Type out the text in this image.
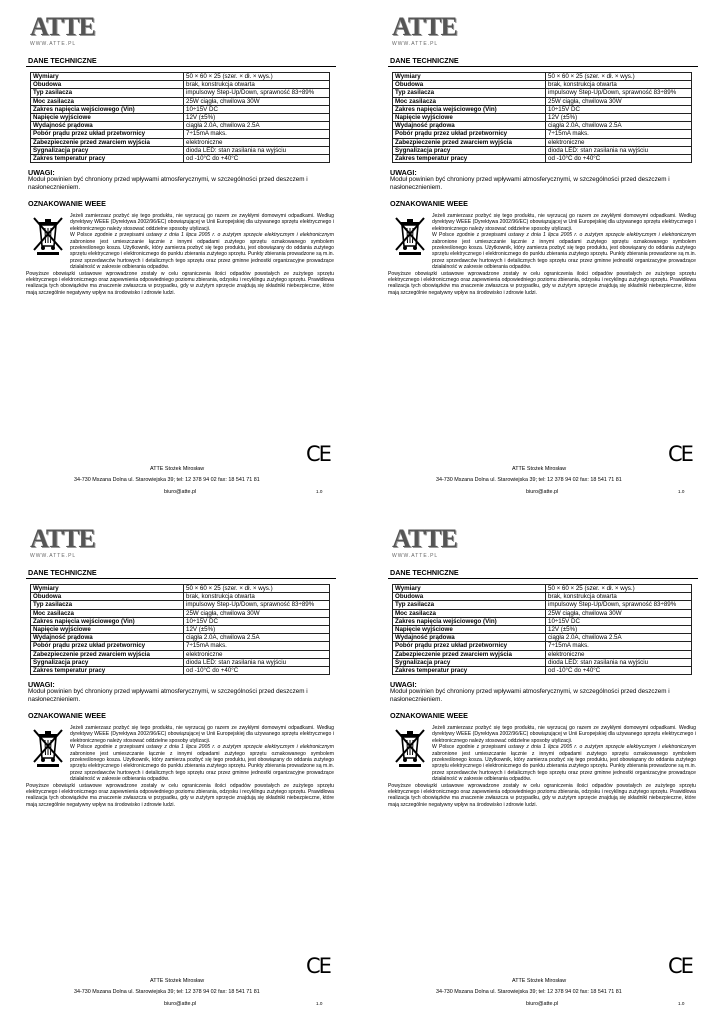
ATTE
WWW.ATTE.PL
DANE TECHNICZNE
Wymiary	50 × 60 × 25 (szer. × dł. × wys.)
Obudowa	brak, konstrukcja otwarta
Typ zasilacza	impulsowy Step-Up/Down, sprawność 83÷89%
Moc zasilacza	25W ciągła, chwilowa 30W
Zakres napięcia wejściowego (Vin)	10÷15V DC
Napięcie wyjściowe	12V (±5%)
Wydajność prądowa	ciągła 2.0A, chwilowa 2.5A
Pobór prądu przez układ przetwornicy	7÷15mA maks.
Zabezpieczenie przed zwarciem wyjścia	elektroniczne
Sygnalizacja pracy	dioda LED: stan zasilania na wyjściu
Zakres temperatur pracy	od -10°C do +40°C
UWAGI:
Moduł powinien być chroniony przed wpływami atmosferycznymi, w szczególności przed deszczem i nasłonecznieniem.
OZNAKOWANIE WEEE
Jeżeli zamierzasz pozbyć się tego produktu, nie wyrzucaj go razem ze zwykłymi domowymi odpadkami. Według dyrektywy WEEE (Dyrektywa 2002/96/EC) obowiązującej w Unii Europejskiej dla używanego sprzętu elektrycznego i elektronicznego należy stosować oddzielne sposoby utylizacji.
W Polsce zgodnie z przepisami ustawy z dnia 1 lipca 2005 r. o zużytym sprzęcie elektrycznym i elektronicznym zabronione jest umieszczanie łącznie z innymi odpadami zużytego sprzętu oznakowanego symbolem przekreślonego kosza. Użytkownik, który zamierza pozbyć się tego produktu, jest obowiązany do oddania zużytego sprzętu elektrycznego i elektronicznego do punktu zbierania zużytego sprzętu. Punkty zbierania prowadzone są m.in. przez sprzedawców hurtowych i detalicznych tego sprzętu oraz przez gminne jednostki organizacyjne prowadzące działalność w zakresie odbierania odpadów.
Powyższe obowiązki ustawowe wprowadzone zostały w celu ograniczenia ilości odpadów powstałych ze zużytego sprzętu elektrycznego i elektronicznego oraz zapewnienia odpowiedniego poziomu zbierania, odzysku i recyklingu zużytego sprzętu. Prawidłowa realizacja tych obowiązków ma znaczenie zwłaszcza w przypadku, gdy w zużytym sprzęcie znajdują się składniki niebezpieczne, które mają szczególnie negatywny wpływ na środowisko i zdrowie ludzi.
CE
ATTE Stożek Mirosław
34-730 Mszana Dolna ul. Starowiejska 39; tel: 12 378 94 02 fax: 18 541 71 81
biuro@atte.pl	1.0
ATTE
WWW.ATTE.PL
DANE TECHNICZNE
Wymiary	50 × 60 × 25 (szer. × dł. × wys.)
Obudowa	brak, konstrukcja otwarta
Typ zasilacza	impulsowy Step-Up/Down, sprawność 83÷89%
Moc zasilacza	25W ciągła, chwilowa 30W
Zakres napięcia wejściowego (Vin)	10÷15V DC
Napięcie wyjściowe	12V (±5%)
Wydajność prądowa	ciągła 2.0A, chwilowa 2.5A
Pobór prądu przez układ przetwornicy	7÷15mA maks.
Zabezpieczenie przed zwarciem wyjścia	elektroniczne
Sygnalizacja pracy	dioda LED: stan zasilania na wyjściu
Zakres temperatur pracy	od -10°C do +40°C
UWAGI:
Moduł powinien być chroniony przed wpływami atmosferycznymi, w szczególności przed deszczem i nasłonecznieniem.
OZNAKOWANIE WEEE
Jeżeli zamierzasz pozbyć się tego produktu, nie wyrzucaj go razem ze zwykłymi domowymi odpadkami. Według dyrektywy WEEE (Dyrektywa 2002/96/EC) obowiązującej w Unii Europejskiej dla używanego sprzętu elektrycznego i elektronicznego należy stosować oddzielne sposoby utylizacji.
W Polsce zgodnie z przepisami ustawy z dnia 1 lipca 2005 r. o zużytym sprzęcie elektrycznym i elektronicznym zabronione jest umieszczanie łącznie z innymi odpadami zużytego sprzętu oznakowanego symbolem przekreślonego kosza. Użytkownik, który zamierza pozbyć się tego produktu, jest obowiązany do oddania zużytego sprzętu elektrycznego i elektronicznego do punktu zbierania zużytego sprzętu. Punkty zbierania prowadzone są m.in. przez sprzedawców hurtowych i detalicznych tego sprzętu oraz przez gminne jednostki organizacyjne prowadzące działalność w zakresie odbierania odpadów.
Powyższe obowiązki ustawowe wprowadzone zostały w celu ograniczenia ilości odpadów powstałych ze zużytego sprzętu elektrycznego i elektronicznego oraz zapewnienia odpowiedniego poziomu zbierania, odzysku i recyklingu zużytego sprzętu. Prawidłowa realizacja tych obowiązków ma znaczenie zwłaszcza w przypadku, gdy w zużytym sprzęcie znajdują się składniki niebezpieczne, które mają szczególnie negatywny wpływ na środowisko i zdrowie ludzi.
CE
ATTE Stożek Mirosław
34-730 Mszana Dolna ul. Starowiejska 39; tel: 12 378 94 02 fax: 18 541 71 81
biuro@atte.pl	1.0
ATTE
WWW.ATTE.PL
DANE TECHNICZNE
Wymiary	50 × 60 × 25 (szer. × dł. × wys.)
Obudowa	brak, konstrukcja otwarta
Typ zasilacza	impulsowy Step-Up/Down, sprawność 83÷89%
Moc zasilacza	25W ciągła, chwilowa 30W
Zakres napięcia wejściowego (Vin)	10÷15V DC
Napięcie wyjściowe	12V (±5%)
Wydajność prądowa	ciągła 2.0A, chwilowa 2.5A
Pobór prądu przez układ przetwornicy	7÷15mA maks.
Zabezpieczenie przed zwarciem wyjścia	elektroniczne
Sygnalizacja pracy	dioda LED: stan zasilania na wyjściu
Zakres temperatur pracy	od -10°C do +40°C
UWAGI:
Moduł powinien być chroniony przed wpływami atmosferycznymi, w szczególności przed deszczem i nasłonecznieniem.
OZNAKOWANIE WEEE
Jeżeli zamierzasz pozbyć się tego produktu, nie wyrzucaj go razem ze zwykłymi domowymi odpadkami. Według dyrektywy WEEE (Dyrektywa 2002/96/EC) obowiązującej w Unii Europejskiej dla używanego sprzętu elektrycznego i elektronicznego należy stosować oddzielne sposoby utylizacji.
W Polsce zgodnie z przepisami ustawy z dnia 1 lipca 2005 r. o zużytym sprzęcie elektrycznym i elektronicznym zabronione jest umieszczanie łącznie z innymi odpadami zużytego sprzętu oznakowanego symbolem przekreślonego kosza. Użytkownik, który zamierza pozbyć się tego produktu, jest obowiązany do oddania zużytego sprzętu elektrycznego i elektronicznego do punktu zbierania zużytego sprzętu. Punkty zbierania prowadzone są m.in. przez sprzedawców hurtowych i detalicznych tego sprzętu oraz przez gminne jednostki organizacyjne prowadzące działalność w zakresie odbierania odpadów.
Powyższe obowiązki ustawowe wprowadzone zostały w celu ograniczenia ilości odpadów powstałych ze zużytego sprzętu elektrycznego i elektronicznego oraz zapewnienia odpowiedniego poziomu zbierania, odzysku i recyklingu zużytego sprzętu. Prawidłowa realizacja tych obowiązków ma znaczenie zwłaszcza w przypadku, gdy w zużytym sprzęcie znajdują się składniki niebezpieczne, które mają szczególnie negatywny wpływ na środowisko i zdrowie ludzi.
CE
ATTE Stożek Mirosław
34-730 Mszana Dolna ul. Starowiejska 39; tel: 12 378 94 02 fax: 18 541 71 81
biuro@atte.pl	1.0
ATTE
WWW.ATTE.PL
DANE TECHNICZNE
Wymiary	50 × 60 × 25 (szer. × dł. × wys.)
Obudowa	brak, konstrukcja otwarta
Typ zasilacza	impulsowy Step-Up/Down, sprawność 83÷89%
Moc zasilacza	25W ciągła, chwilowa 30W
Zakres napięcia wejściowego (Vin)	10÷15V DC
Napięcie wyjściowe	12V (±5%)
Wydajność prądowa	ciągła 2.0A, chwilowa 2.5A
Pobór prądu przez układ przetwornicy	7÷15mA maks.
Zabezpieczenie przed zwarciem wyjścia	elektroniczne
Sygnalizacja pracy	dioda LED: stan zasilania na wyjściu
Zakres temperatur pracy	od -10°C do +40°C
UWAGI:
Moduł powinien być chroniony przed wpływami atmosferycznymi, w szczególności przed deszczem i nasłonecznieniem.
OZNAKOWANIE WEEE
Jeżeli zamierzasz pozbyć się tego produktu, nie wyrzucaj go razem ze zwykłymi domowymi odpadkami. Według dyrektywy WEEE (Dyrektywa 2002/96/EC) obowiązującej w Unii Europejskiej dla używanego sprzętu elektrycznego i elektronicznego należy stosować oddzielne sposoby utylizacji.
W Polsce zgodnie z przepisami ustawy z dnia 1 lipca 2005 r. o zużytym sprzęcie elektrycznym i elektronicznym zabronione jest umieszczanie łącznie z innymi odpadami zużytego sprzętu oznakowanego symbolem przekreślonego kosza. Użytkownik, który zamierza pozbyć się tego produktu, jest obowiązany do oddania zużytego sprzętu elektrycznego i elektronicznego do punktu zbierania zużytego sprzętu. Punkty zbierania prowadzone są m.in. przez sprzedawców hurtowych i detalicznych tego sprzętu oraz przez gminne jednostki organizacyjne prowadzące działalność w zakresie odbierania odpadów.
Powyższe obowiązki ustawowe wprowadzone zostały w celu ograniczenia ilości odpadów powstałych ze zużytego sprzętu elektrycznego i elektronicznego oraz zapewnienia odpowiedniego poziomu zbierania, odzysku i recyklingu zużytego sprzętu. Prawidłowa realizacja tych obowiązków ma znaczenie zwłaszcza w przypadku, gdy w zużytym sprzęcie znajdują się składniki niebezpieczne, które mają szczególnie negatywny wpływ na środowisko i zdrowie ludzi.
CE
ATTE Stożek Mirosław
34-730 Mszana Dolna ul. Starowiejska 39; tel: 12 378 94 02 fax: 18 541 71 81
biuro@atte.pl	1.0
